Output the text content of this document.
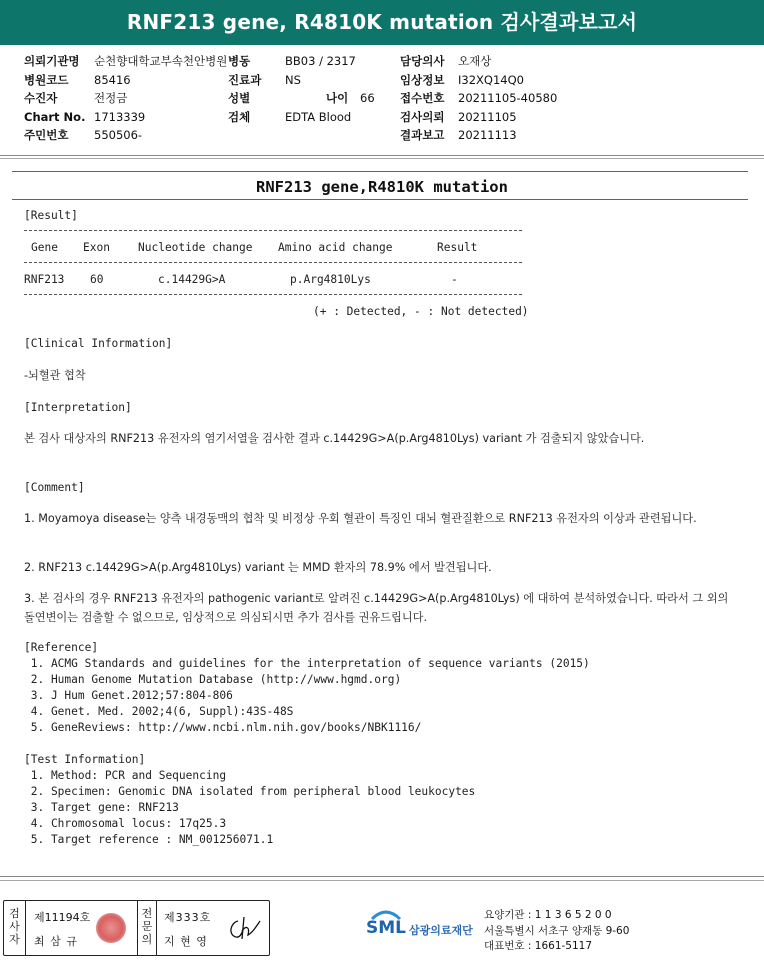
RNF213 gene, R4810K mutation 검사결과보고서
의뢰기관명	순천향대학교부속천안병원
병원코드	85416
수진자	전정금
Chart No. 1713339
주민번호	550506-
병동	BB03 / 2317
진료과	NS
성별	나이	66
검체	EDTA Blood
담당의사	오재상
임상정보	I32XQ14Q0
접수번호	20211105-40580
검사의뢰	20211105
결과보고	20211113
RNF213 gene,R4810K mutation
[Result]
Gene Exon	Nucleotide change Amino acid change	Result
RNF213 60	c.14429G>A	p.Arg4810Lys	-
(+ : Detected, - : Not detected)
[Clinical Information]
-뇌혈관 협착
[Interpretation]
본 검사 대상자의 RNF213 유전자의 염기서열을 검사한 결과 c.14429G>A(p.Arg4810Lys) variant 가 검출되지 않았습니다.
[Comment]
1. Moyamoya disease는 양측 내경동맥의 협착 및 비정상 우회 혈관이 특징인 대뇌 혈관질환으로 RNF213 유전자의 이상과 관련됩니다.
2. RNF213 c.14429G>A(p.Arg4810Lys) variant 는 MMD 환자의 78.9% 에서 발견됩니다.
3. 본 검사의 경우 RNF213 유전자의 pathogenic variant로 알려진 c.14429G>A(p.Arg4810Lys) 에 대하여 분석하였습니다. 따라서 그 외의 돌연변이는 검출할 수 없으므로, 임상적으로 의심되시면 추가 검사를 권유드립니다.
[Reference]
1. ACMG Standards and guidelines for the interpretation of sequence variants (2015)
2. Human Genome Mutation Database (http://www.hgmd.org)
3. J Hum Genet.2012;57:804-806
4. Genet. Med. 2002;4(6, Suppl):43S-48S
5. GeneReviews: http://www.ncbi.nlm.nih.gov/books/NBK1116/
[Test Information]
1. Method: PCR and Sequencing
2. Specimen: Genomic DNA isolated from peripheral blood leukocytes
3. Target gene: RNF213
4. Chromosomal locus: 17q25.3
5. Target reference : NM_001256071.1
검사자
제11194호
최 삼 규
전문의
제333호
지 현 영
SML 삼광의료재단
요양기관 : 1 1 3 6 5 2 0 0
서울특별시 서초구 양재동 9-60
대표번호 : 1661-5117
